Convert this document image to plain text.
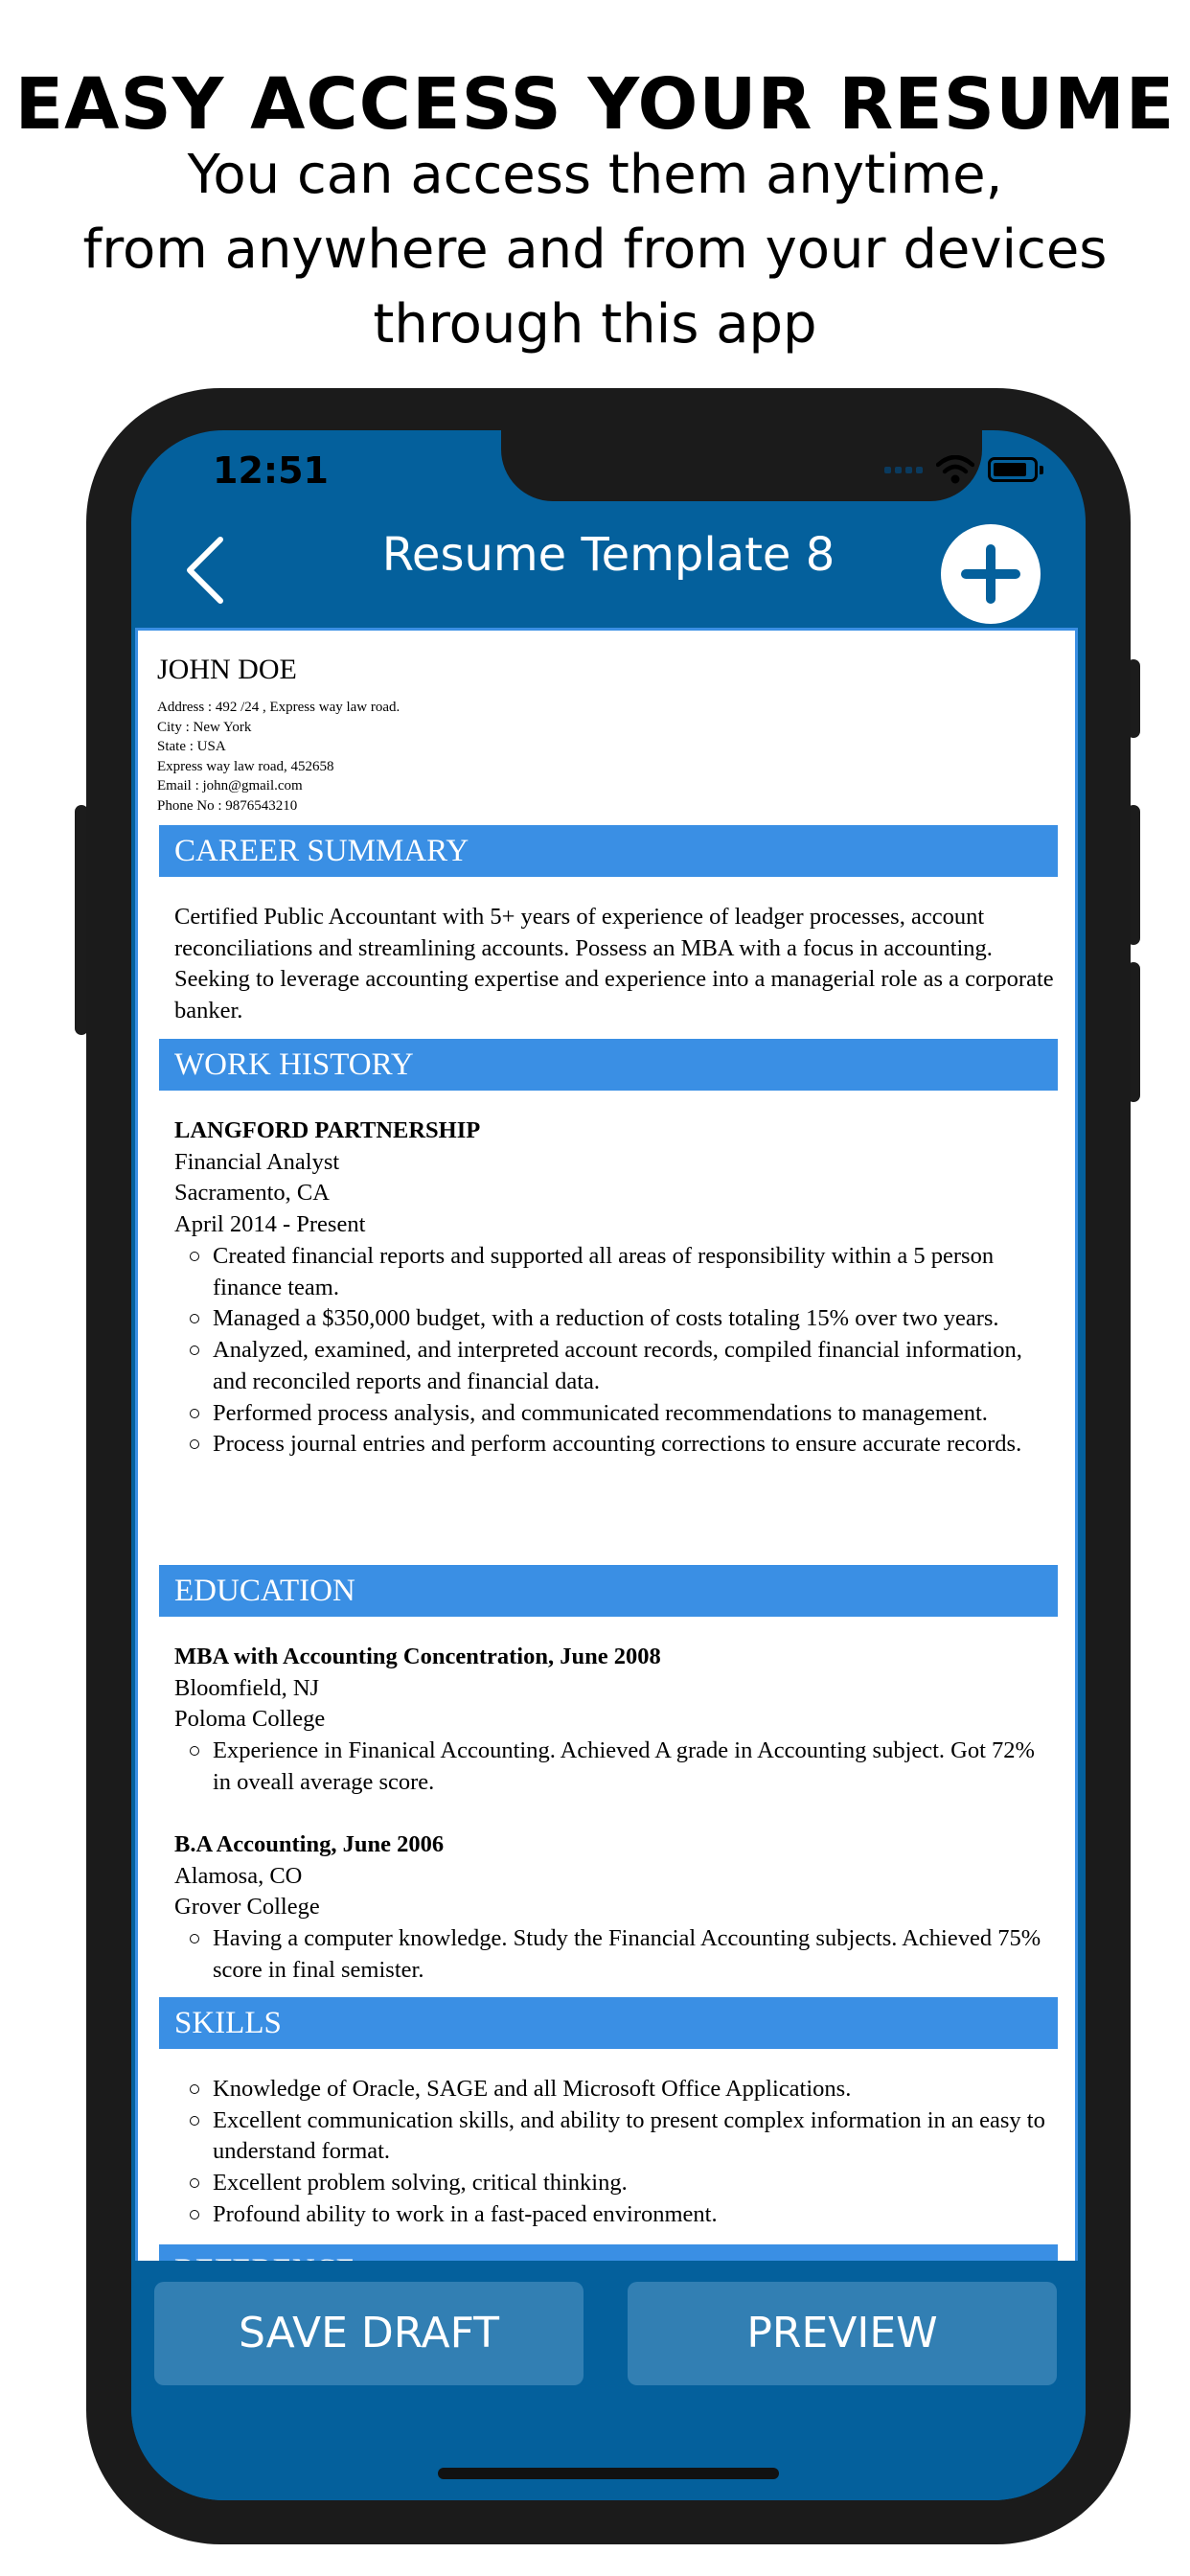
EASY ACCESS YOUR RESUME
You can access them anytime,
from anywhere and from your devices
through this app
12:51
Resume Template 8
JOHN DOE
Address : 492 /24 , Express way law road.
City : New York
State : USA
Express way law road, 452658
Email : john@gmail.com
Phone No : 9876543210
CAREER SUMMARY
Certified Public Accountant with 5+ years of experience of leadger processes, account reconciliations and streamlining accounts. Possess an MBA with a focus in accounting. Seeking to leverage accounting expertise and experience into a managerial role as a corporate banker.
WORK HISTORY
LANGFORD PARTNERSHIP
Financial Analyst
Sacramento, CA
April 2014 - Present
Created financial reports and supported all areas of responsibility within a 5 person finance team.
Managed a $350,000 budget, with a reduction of costs totaling 15% over two years.
Analyzed, examined, and interpreted account records, compiled financial information, and reconciled reports and financial data.
Performed process analysis, and communicated recommendations to management.
Process journal entries and perform accounting corrections to ensure accurate records.
EDUCATION
MBA with Accounting Concentration, June 2008
Bloomfield, NJ
Poloma College
Experience in Finanical Accounting. Achieved A grade in Accounting subject. Got 72% in oveall average score.
B.A Accounting, June 2006
Alamosa, CO
Grover College
Having a computer knowledge. Study the Financial Accounting subjects. Achieved 75% score in final semister.
SKILLS
Knowledge of Oracle, SAGE and all Microsoft Office Applications.
Excellent communication skills, and ability to present complex information in an easy to understand format.
Excellent problem solving, critical thinking.
Profound ability to work in a fast-paced environment.
SAVE DRAFT	PREVIEW
